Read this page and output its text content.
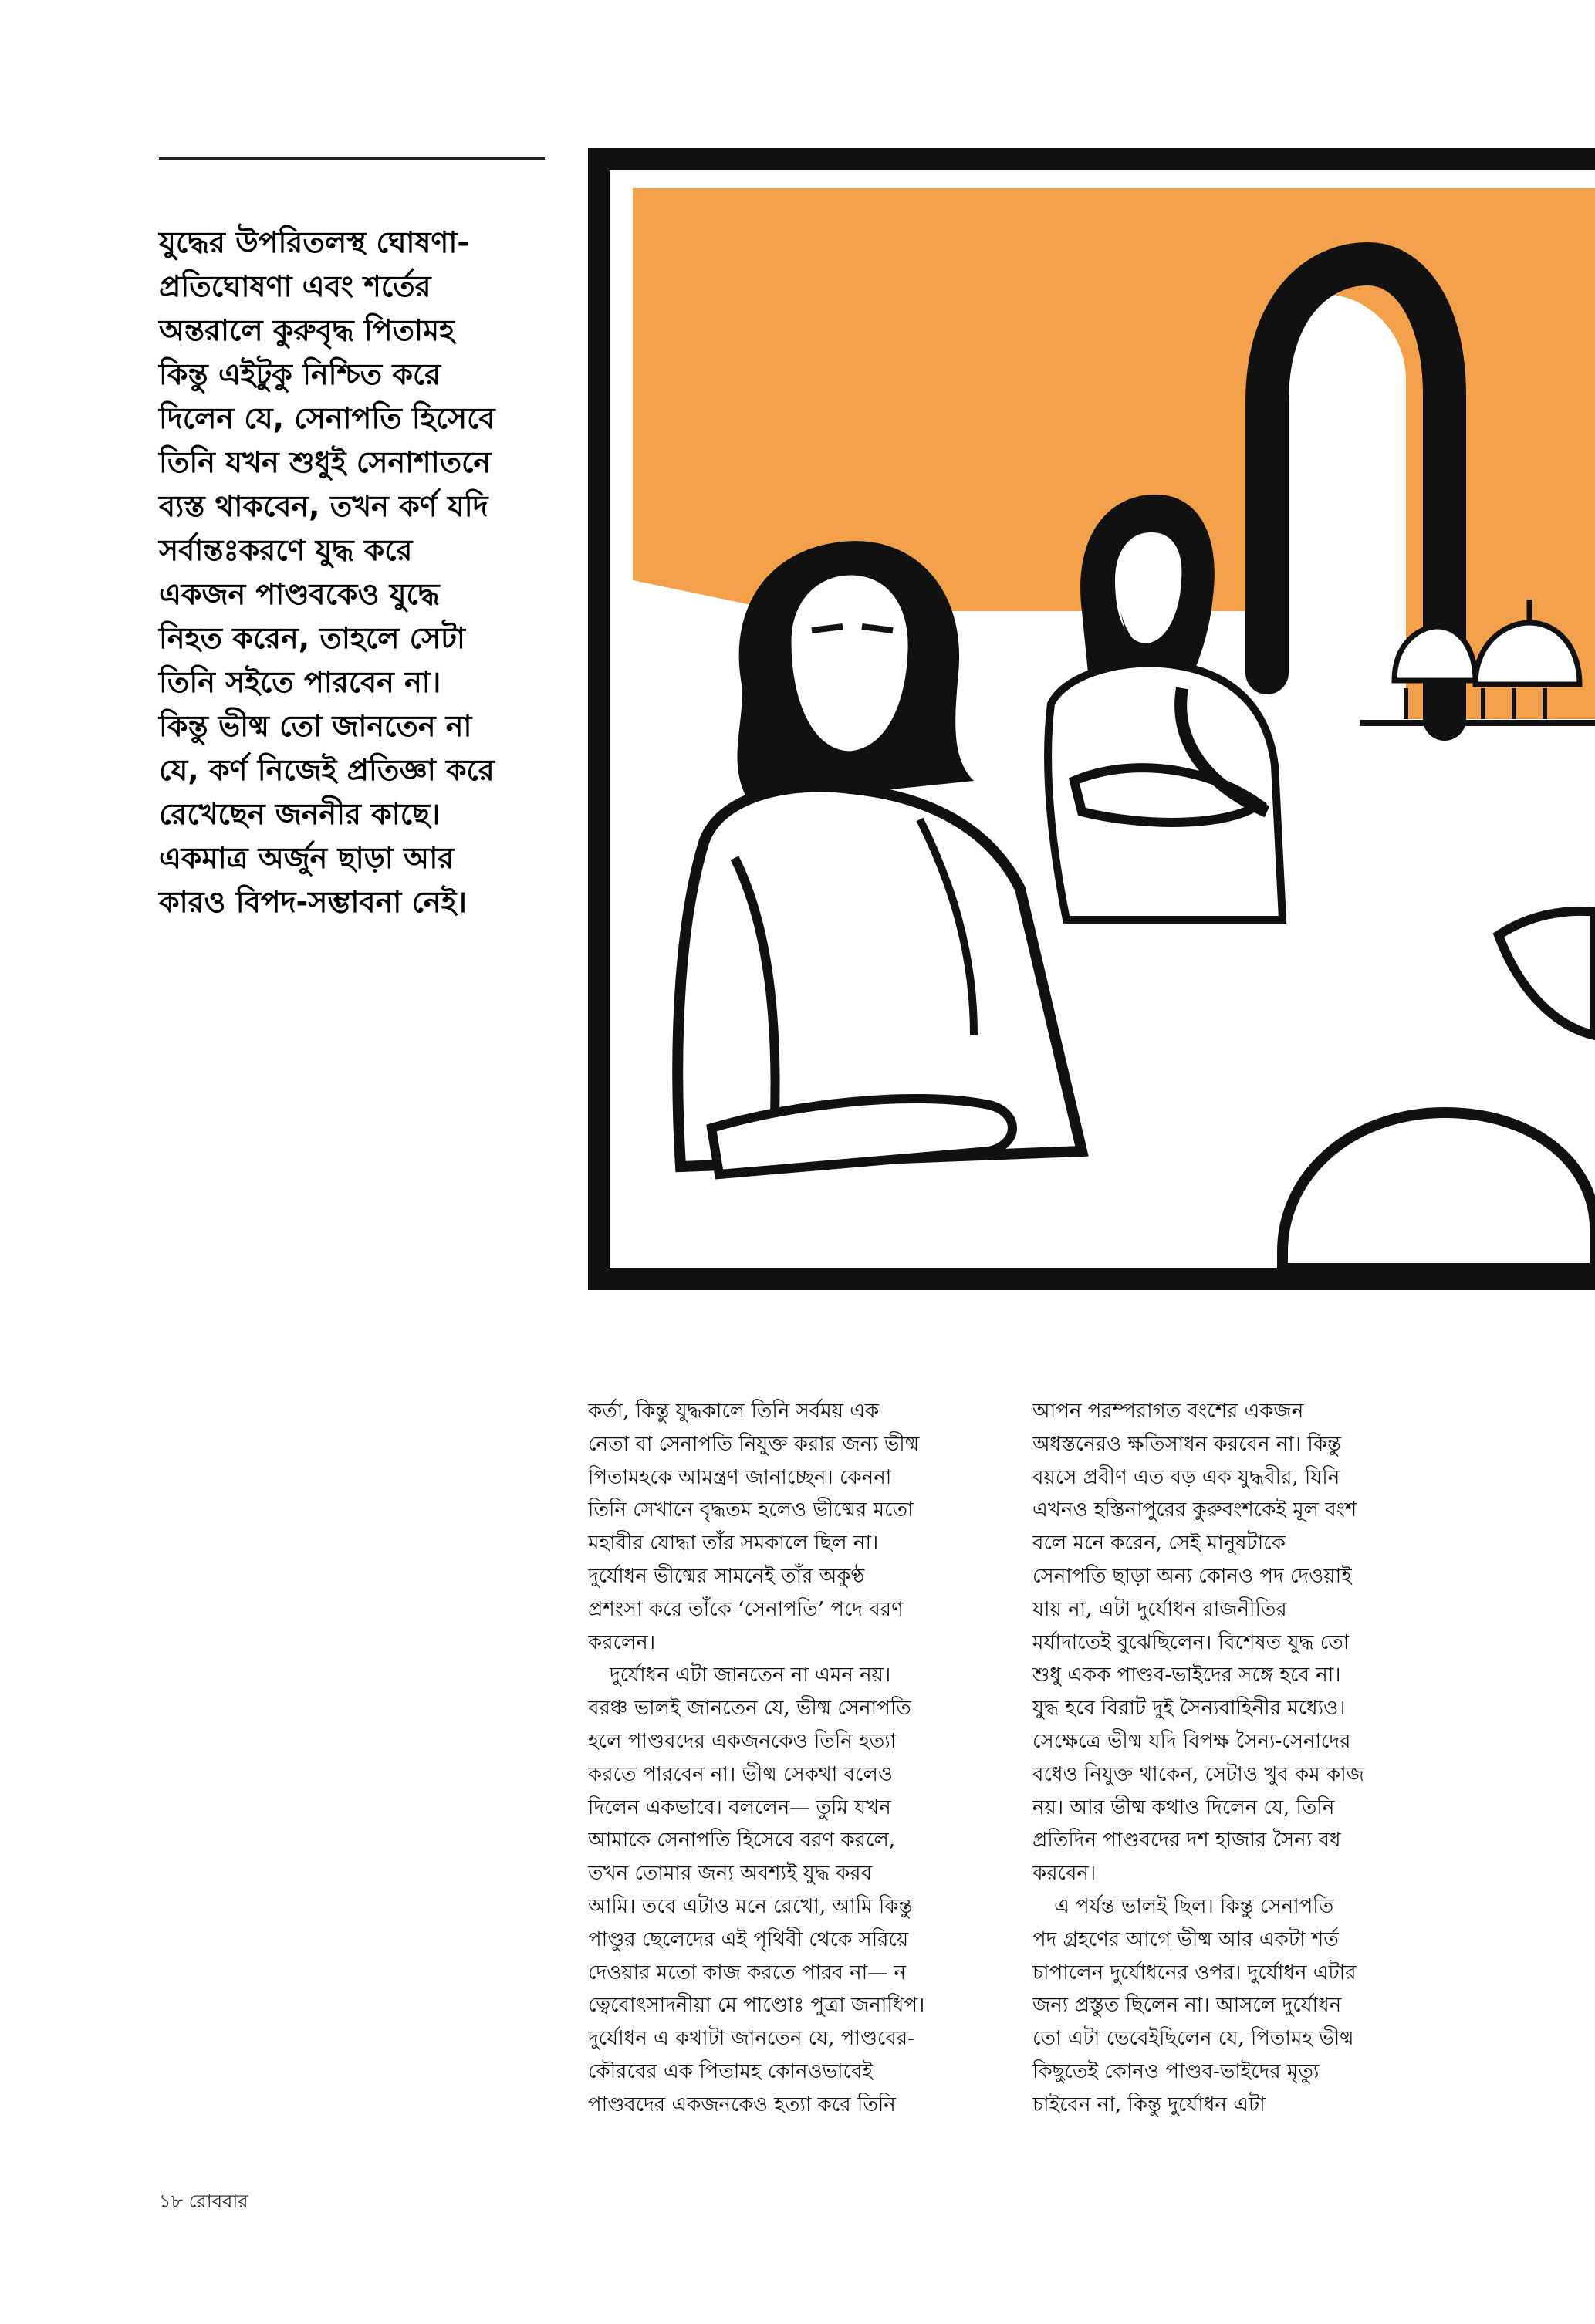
যুদ্ধের উপরিতলস্থ ঘোষণা-
প্রতিঘোষণা এবং শর্তের
অন্তরালে কুরুবৃদ্ধ পিতামহ
কিন্তু এইটুকু নিশ্চিত করে
দিলেন যে, সেনাপতি হিসেবে
তিনি যখন শুধুই সেনাশাতনে
ব্যস্ত থাকবেন, তখন কর্ণ যদি
সর্বান্তঃকরণে যুদ্ধ করে
একজন পাণ্ডবকেও যুদ্ধে
নিহত করেন, তাহলে সেটা
তিনি সইতে পারবেন না।
কিন্তু ভীষ্ম তো জানতেন না
যে, কর্ণ নিজেই প্রতিজ্ঞা করে
রেখেছেন জননীর কাছে।
একমাত্র অর্জুন ছাড়া আর
কারও বিপদ-সম্ভাবনা নেই।
কর্তা, কিন্তু যুদ্ধকালে তিনি সর্বময় এক
নেতা বা সেনাপতি নিযুক্ত করার জন্য ভীষ্ম
পিতামহকে আমন্ত্রণ জানাচ্ছেন। কেননা
তিনি সেখানে বৃদ্ধতম হলেও ভীষ্মের মতো
মহাবীর যোদ্ধা তাঁর সমকালে ছিল না।
দুর্যোধন ভীষ্মের সামনেই তাঁর অকুণ্ঠ
প্রশংসা করে তাঁকে ‘সেনাপতি’ পদে বরণ
করলেন।
দুর্যোধন এটা জানতেন না এমন নয়।
বরঞ্চ ভালই জানতেন যে, ভীষ্ম সেনাপতি
হলে পাণ্ডবদের একজনকেও তিনি হত্যা
করতে পারবেন না। ভীষ্ম সেকথা বলেও
দিলেন একভাবে। বললেন— তুমি যখন
আমাকে সেনাপতি হিসেবে বরণ করলে,
তখন তোমার জন্য অবশ্যই যুদ্ধ করব
আমি। তবে এটাও মনে রেখো, আমি কিন্তু
পাণ্ডুর ছেলেদের এই পৃথিবী থেকে সরিয়ে
দেওয়ার মতো কাজ করতে পারব না— ন
ত্বেবোৎসাদনীয়া মে পাণ্ডোঃ পুত্রা জনাধিপ।
দুর্যোধন এ কথাটা জানতেন যে, পাণ্ডবের-
কৌরবের এক পিতামহ কোনওভাবেই
পাণ্ডবদের একজনকেও হত্যা করে তিনি
আপন পরম্পরাগত বংশের একজন
অধস্তনেরও ক্ষতিসাধন করবেন না। কিন্তু
বয়সে প্রবীণ এত বড় এক যুদ্ধবীর, যিনি
এখনও হস্তিনাপুরের কুরুবংশকেই মূল বংশ
বলে মনে করেন, সেই মানুষটাকে
সেনাপতি ছাড়া অন্য কোনও পদ দেওয়াই
যায় না, এটা দুর্যোধন রাজনীতির
মর্যাদাতেই বুঝেছিলেন। বিশেষত যুদ্ধ তো
শুধু একক পাণ্ডব-ভাইদের সঙ্গে হবে না।
যুদ্ধ হবে বিরাট দুই সৈন্যবাহিনীর মধ্যেও।
সেক্ষেত্রে ভীষ্ম যদি বিপক্ষ সৈন্য-সেনাদের
বধেও নিযুক্ত থাকেন, সেটাও খুব কম কাজ
নয়। আর ভীষ্ম কথাও দিলেন যে, তিনি
প্রতিদিন পাণ্ডবদের দশ হাজার সৈন্য বধ
করবেন।
এ পর্যন্ত ভালই ছিল। কিন্তু সেনাপতি
পদ গ্রহণের আগে ভীষ্ম আর একটা শর্ত
চাপালেন দুর্যোধনের ওপর। দুর্যোধন এটার
জন্য প্রস্তুত ছিলেন না। আসলে দুর্যোধন
তো এটা ভেবেইছিলেন যে, পিতামহ ভীষ্ম
কিছুতেই কোনও পাণ্ডব-ভাইদের মৃত্যু
চাইবেন না, কিন্তু দুর্যোধন এটা
১৮ রোববার
